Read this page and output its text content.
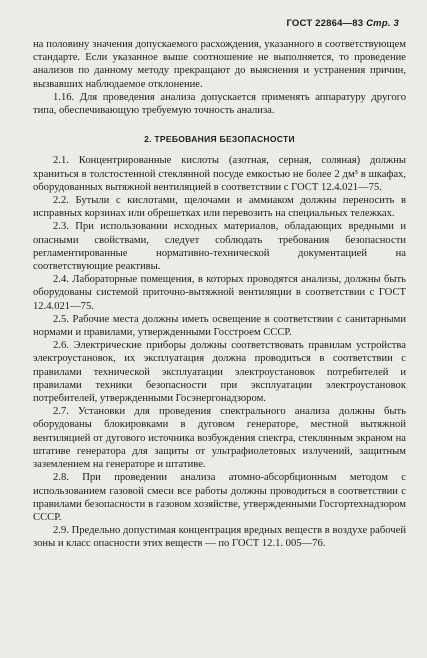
ГОСТ 22864—83 Стр. 3

на половину значения допускаемого расхождения, указанного в соответствующем стандарте. Если указанное выше соотношение не выполняется, то проведение анализов по данному методу прекращают до выяснения и устранения причин, вызвавших наблюдаемое отклонение.

1.16. Для проведения анализа допускается применять аппаратуру другого типа, обеспечивающую требуемую точность анализа.

2. ТРЕБОВАНИЯ БЕЗОПАСНОСТИ

2.1. Концентрированные кислоты (азотная, серная, соляная) должны храниться в толстостенной стеклянной посуде емкостью не более 2 дм³ в шкафах, оборудованных вытяжной вентиляцией в соответствии с ГОСТ 12.4.021—75.

2.2. Бутыли с кислотами, щелочами и аммиаком должны переносить в исправных корзинах или обрешетках или перевозить на специальных тележках.

2.3. При использовании исходных материалов, обладающих вредными и опасными свойствами, следует соблюдать требования безопасности регламентированные нормативно-технической документацией на соответствующие реактивы.

2.4. Лабораторные помещения, в которых проводятся анализы, должны быть оборудованы системой приточно-вытяжной вентиляции в соответствии с ГОСТ 12.4.021—75.

2.5. Рабочие места должны иметь освещение в соответствии с санитарными нормами и правилами, утвержденными Госстроем СССР.

2.6. Электрические приборы должны соответствовать правилам устройства электроустановок, их эксплуатация должна проводиться в соответствии с правилами технической эксплуатации электроустановок потребителей и правилами техники безопасности при эксплуатации электроустановок потребителей, утвержденными Госэнергонадзором.

2.7. Установки для проведения спектрального анализа должны быть оборудованы блокировками в дуговом генераторе, местной вытяжной вентиляцией от дугового источника возбуждения спектра, стеклянным экраном на штативе генератора для защиты от ультрафиолетовых излучений, защитным заземлением на генераторе и штативе.

2.8. При проведении анализа атомно-абсорбционным методом с использованием газовой смеси все работы должны проводиться в соответствии с правилами безопасности в газовом хозяйстве, утвержденными Госгортехнадзором СССР.

2.9. Предельно допустимая концентрация вредных веществ в воздухе рабочей зоны и класс опасности этих веществ — по ГОСТ 12.1. 005—76.
